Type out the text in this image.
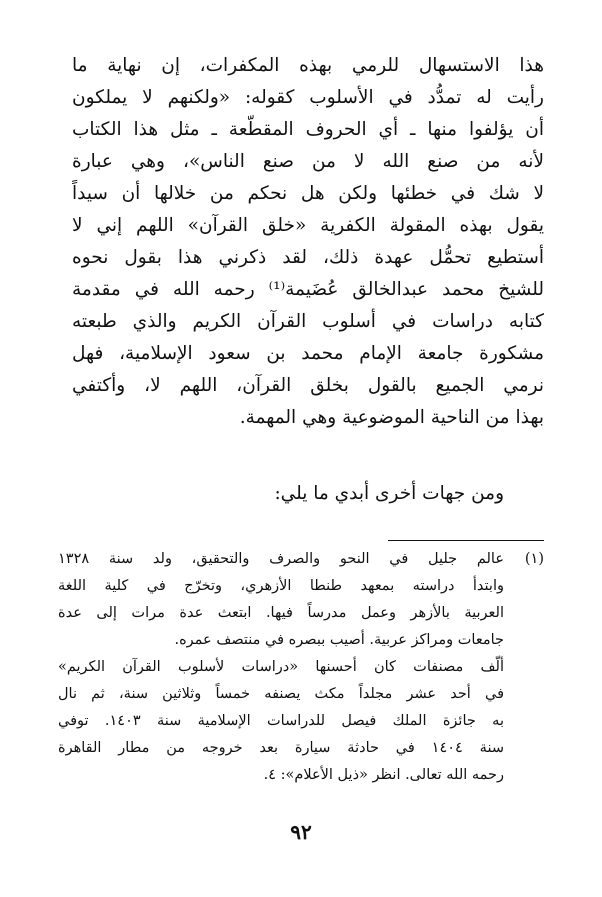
هذا الاستسهال للرمي بهذه المكفرات، إن نهاية ما
رأيت له تمدُّد في الأسلوب كقوله: «ولكنهم لا يملكون
أن يؤلفوا منها ـ أي الحروف المقطّعة ـ مثل هذا الكتاب
لأنه من صنع الله لا من صنع الناس»، وهي عبارة
لا شك في خطئها ولكن هل نحكم من خلالها أن سيداً
يقول بهذه المقولة الكفرية «خلق القرآن» اللهم إني لا
أستطيع تحمُّل عهدة ذلك، لقد ذكرني هذا بقول نحوه
للشيخ محمد عبدالخالق عُضَيمة⁽¹⁾ رحمه الله في مقدمة
كتابه دراسات في أسلوب القرآن الكريم والذي طبعته
مشكورة جامعة الإمام محمد بن سعود الإسلامية، فهل
نرمي الجميع بالقول بخلق القرآن، اللهم لا، وأكتفي
بهذا من الناحية الموضوعية وهي المهمة.
ومن جهات أخرى أبدي ما يلي:
(١)
عالم جليل في النحو والصرف والتحقيق، ولد سنة ١٣٢٨
وابتدأ دراسته بمعهد طنطا الأزهري، وتخرّج في كلية اللغة
العربية بالأزهر وعمل مدرساً فيها. ابتعث عدة مرات إلى عدة
جامعات ومراكز عربية. أصيب ببصره في منتصف عمره.
ألّف مصنفات كان أحسنها «دراسات لأسلوب القرآن الكريم»
في أحد عشر مجلداً مكث يصنفه خمساً وثلاثين سنة، ثم نال
به جائزة الملك فيصل للدراسات الإسلامية سنة ١٤٠٣. توفي
سنة ١٤٠٤ في حادثة سيارة بعد خروجه من مطار القاهرة
رحمه الله تعالى. انظر «ذيل الأعلام»: ٤.
٩٢
